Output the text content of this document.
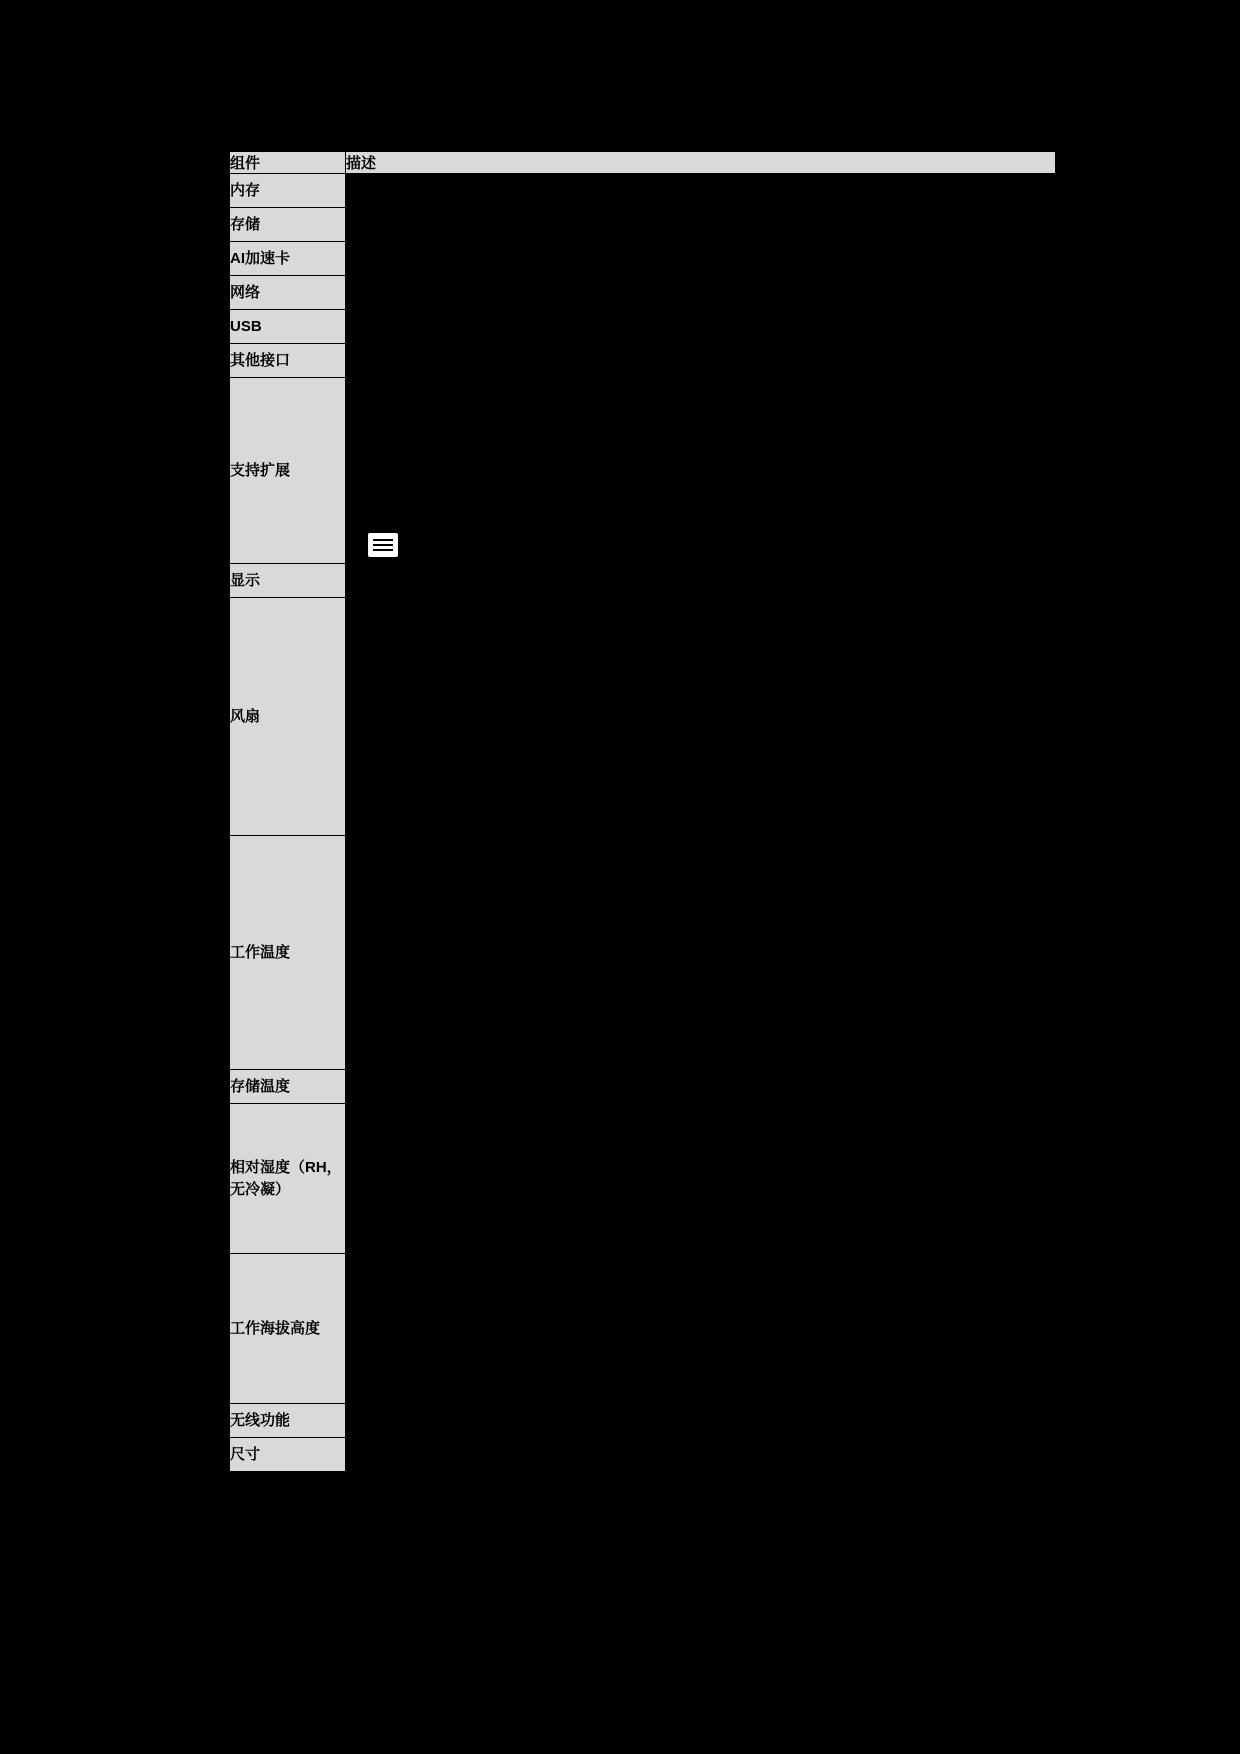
组件	描述
内存	
存储	
AI加速卡	
网络	
USB	
其他接口	
支持扩展	
显示	
风扇	
工作温度	
存储温度	
相对湿度（RH，无冷凝）	
工作海拔高度	
无线功能	
尺寸	
